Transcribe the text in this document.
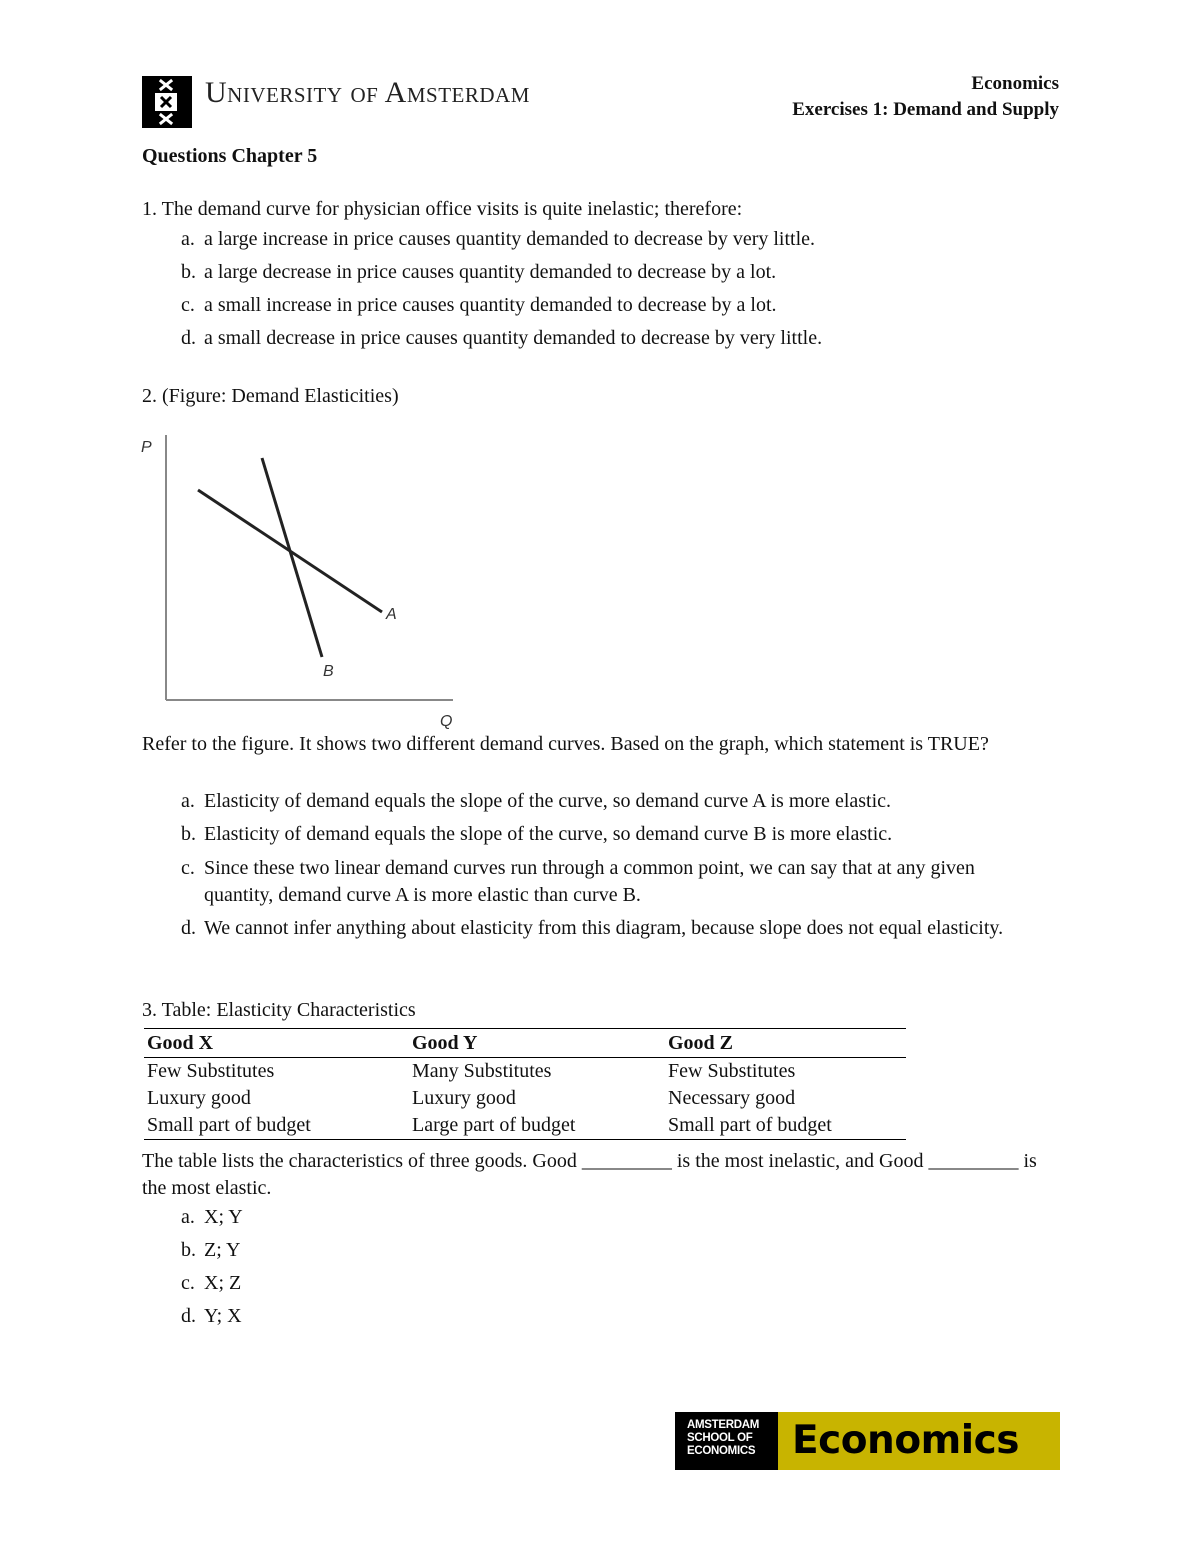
University of Amsterdam	Economics
Exercises 1: Demand and Supply
Questions Chapter 5
1. The demand curve for physician office visits is quite inelastic; therefore:
a. a large increase in price causes quantity demanded to decrease by very little.
b. a large decrease in price causes quantity demanded to decrease by a lot.
c. a small increase in price causes quantity demanded to decrease by a lot.
d. a small decrease in price causes quantity demanded to decrease by very little.
2. (Figure: Demand Elasticities)
P
Q
A
B
Refer to the figure. It shows two different demand curves. Based on the graph, which statement is TRUE?
a. Elasticity of demand equals the slope of the curve, so demand curve A is more elastic.
b. Elasticity of demand equals the slope of the curve, so demand curve B is more elastic.
c. Since these two linear demand curves run through a common point, we can say that at any given quantity, demand curve A is more elastic than curve B.
d. We cannot infer anything about elasticity from this diagram, because slope does not equal elasticity.
3. Table: Elasticity Characteristics
Good X	Good Y	Good Z
Few Substitutes	Many Substitutes	Few Substitutes
Luxury good	Luxury good	Necessary good
Small part of budget	Large part of budget	Small part of budget
The table lists the characteristics of three goods. Good _________ is the most inelastic, and Good _________ is the most elastic.
a. X; Y
b. Z; Y
c. X; Z
d. Y; X
AMSTERDAM
SCHOOL OF
ECONOMICS Economics
